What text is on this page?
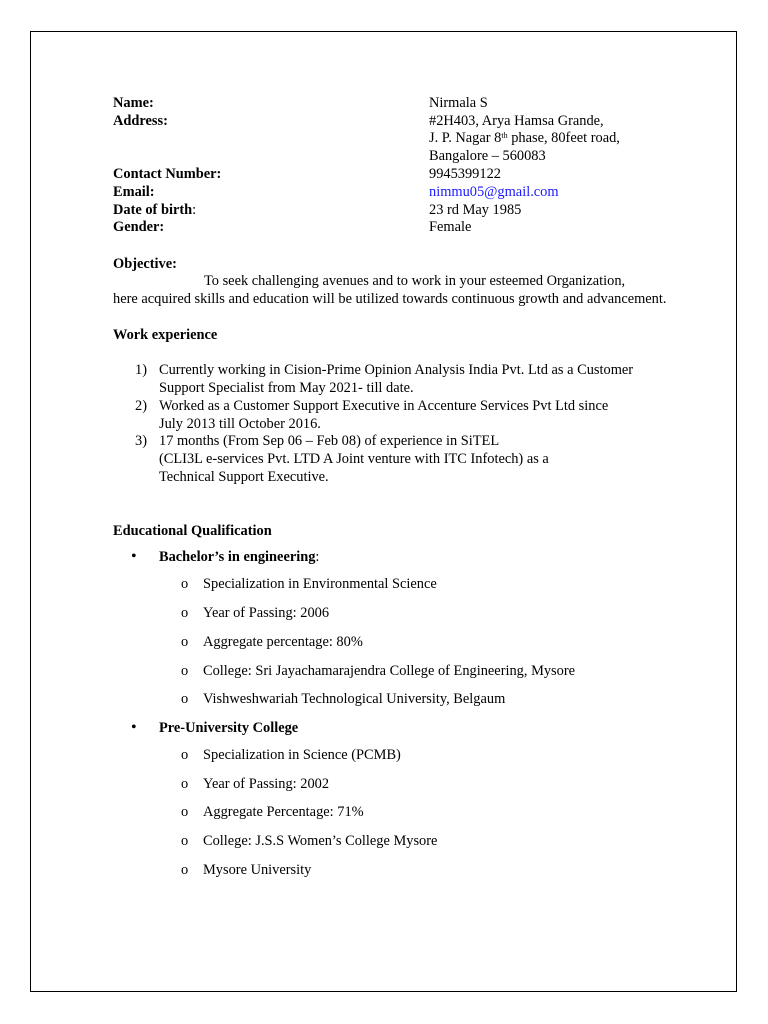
Name:	Nirmala S
Address:	#2H403, Arya Hamsa Grande,
J. P. Nagar 8th phase, 80feet road,
Bangalore – 560083
Contact Number:	9945399122
Email:	nimmu05@gmail.com
Date of birth:	23 rd May 1985
Gender:	Female
Objective:
To seek challenging avenues and to work in your esteemed Organization,
here acquired skills and education will be utilized towards continuous growth and advancement.
Work experience
1) Currently working in Cision-Prime Opinion Analysis India Pvt. Ltd as a Customer
Support Specialist from May 2021- till date.
2) Worked as a Customer Support Executive in Accenture Services Pvt Ltd since
July 2013 till October 2016.
3) 17 months (From Sep 06 – Feb 08) of experience in SiTEL
(CLI3L e-services Pvt. LTD A Joint venture with ITC Infotech) as a
Technical Support Executive.
Educational Qualification
• Bachelor’s in engineering:
o Specialization in Environmental Science
o Year of Passing: 2006
o Aggregate percentage: 80%
o College: Sri Jayachamarajendra College of Engineering, Mysore
o Vishweshwariah Technological University, Belgaum
• Pre-University College
o Specialization in Science (PCMB)
o Year of Passing: 2002
o Aggregate Percentage: 71%
o College: J.S.S Women’s College Mysore
o Mysore University
